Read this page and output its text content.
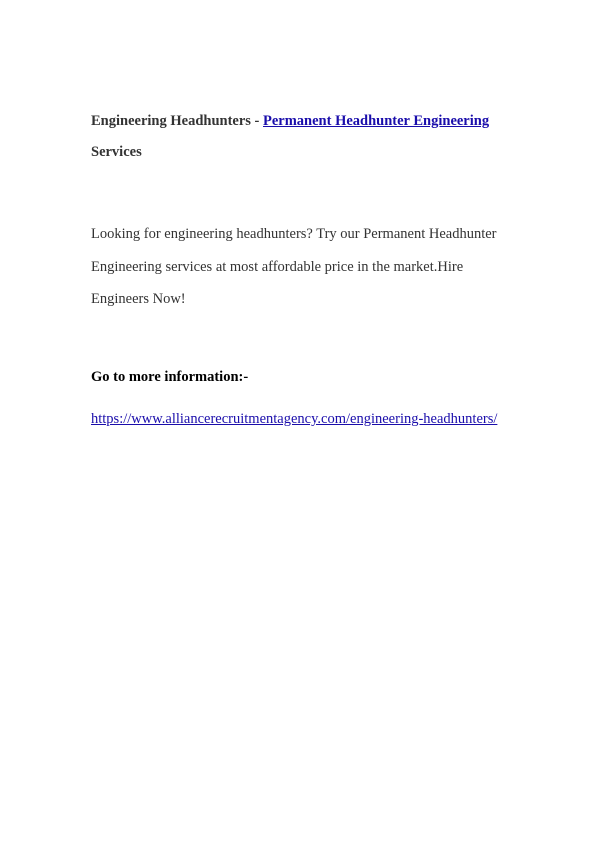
Engineering Headhunters - Permanent Headhunter Engineering Services
Looking for engineering headhunters? Try our Permanent Headhunter Engineering services at most affordable price in the market.Hire Engineers Now!
Go to more information:-
https://www.alliancerecruitmentagency.com/engineering-headhunters/
